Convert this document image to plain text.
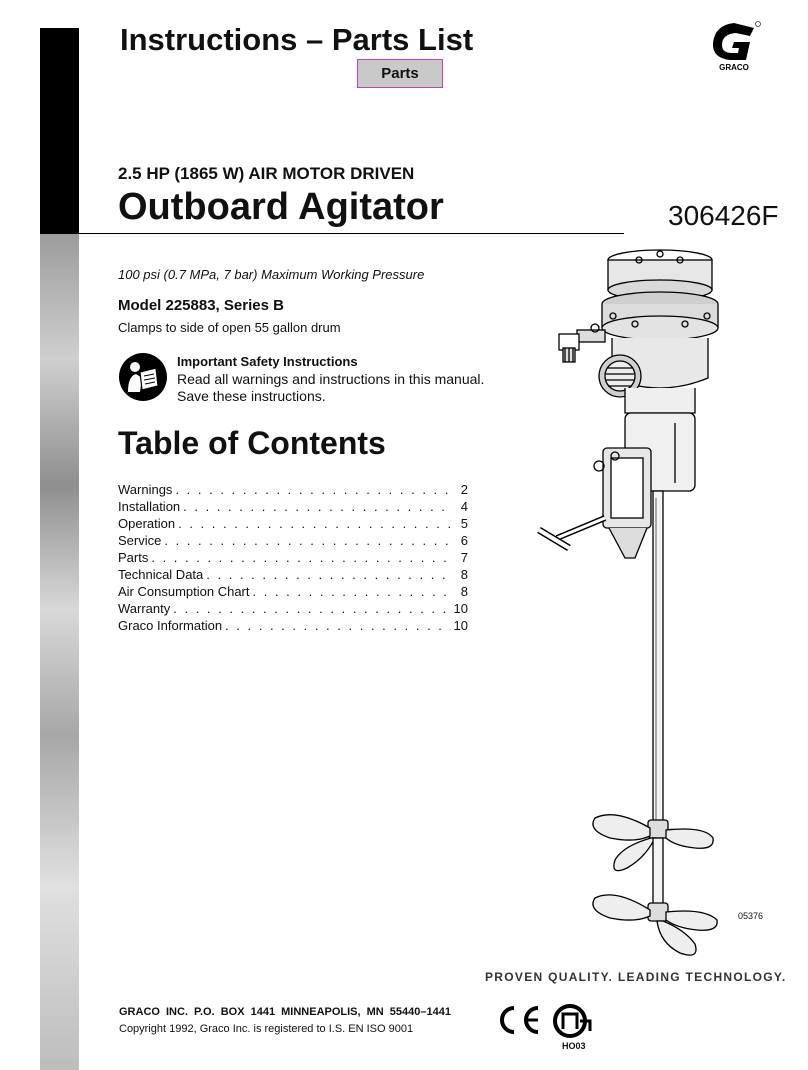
Instructions – Parts List
Parts	GRACO
2.5 HP (1865 W) AIR MOTOR DRIVEN
Outboard Agitator	306426F
100 psi (0.7 MPa, 7 bar) Maximum Working Pressure
Model 225883, Series B
Clamps to side of open 55 gallon drum
Important Safety Instructions
Read all warnings and instructions in this manual.
Save these instructions.
Table of Contents
Warnings . . .	2
Installation . . .	4
Operation . . .	5
Service . . .	6
Parts . . .	7
Technical Data . . .	8
Air Consumption Chart . . .	8
Warranty . . .	10
Graco Information . . .	10
05376
PROVEN QUALITY. LEADING TECHNOLOGY.
GRACO INC. P.O. BOX 1441 MINNEAPOLIS, MN 55440–1441
Copyright 1992, Graco Inc. is registered to I.S. EN ISO 9001
HO03
